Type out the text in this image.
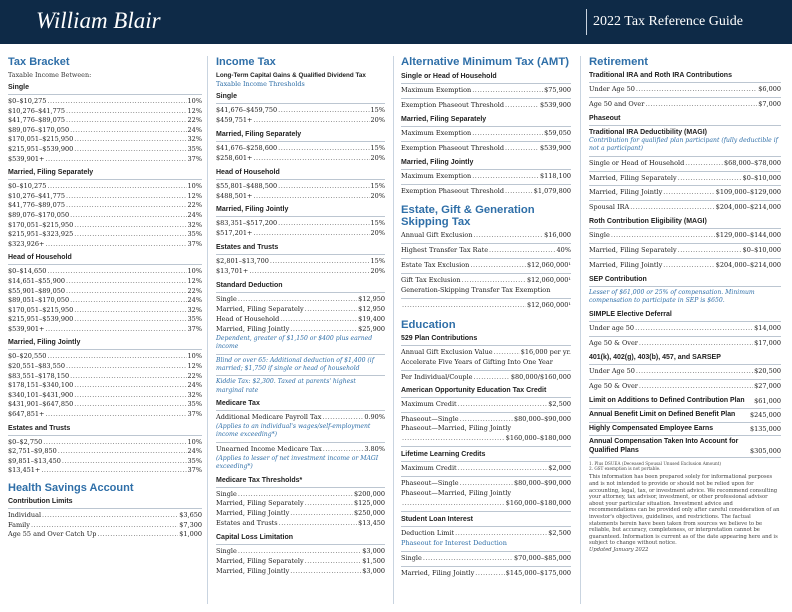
William Blair	2022 Tax Reference Guide
Tax Bracket
Taxable Income Between:
Single
$0–$10,275 .....	10%
$10,276–$41,775 .....	12%
$41,776–$89,075 .....	22%
$89,076–$170,050 .....	24%
$170,051–$215,950 .....	32%
$215,951–$539,900 .....	35%
$539,901+ .....	37%
Married, Filing Separately
$0–$10,275 .....	10%
$10,276–$41,775 .....	12%
$41,776–$89,075 .....	22%
$89,076–$170,050 .....	24%
$170,051–$215,950 .....	32%
$215,951–$323,925 .....	35%
$323,926+ .....	37%
Head of Household
$0–$14,650 .....	10%
$14,651–$55,900 .....	12%
$55,901–$89,050 .....	22%
$89,051–$170,050 .....	24%
$170,051–$215,950 .....	32%
$215,951–$539,900 .....	35%
$539,901+ .....	37%
Married, Filing Jointly
$0–$20,550 .....	10%
$20,551–$83,550 .....	12%
$83,551–$178,150 .....	22%
$178,151–$340,100 .....	24%
$340,101–$431,900 .....	32%
$431,901–$647,850 .....	35%
$647,851+ .....	37%
Estates and Trusts
$0–$2,750 .....	10%
$2,751–$9,850 .....	24%
$9,851–$13,450 .....	35%
$13,451+ .....	37%
Health Savings Account
Contribution Limits
Individual .....	$3,650
Family .....	$7,300
Age 55 and Over Catch Up .....	$1,000
Income Tax
Long-Term Capital Gains & Qualified Dividend Tax
Taxable Income Thresholds
Single
$41,676–$459,750 .....	15%
$459,751+ .....	20%
Married, Filing Separately
$41,676–$258,600 .....	15%
$258,601+ .....	20%
Head of Household
$55,801–$488,500 .....	15%
$488,501+ .....	20%
Married, Filing Jointly
$83,351–$517,200 .....	15%
$517,201+ .....	20%
Estates and Trusts
$2,801–$13,700 .....	15%
$13,701+ .....	20%
Standard Deduction
Single .....	$12,950
Married, Filing Separately .....	$12,950
Head of Household .....	$19,400
Married, Filing Jointly .....	$25,900
Dependent, greater of $1,150 or $400 plus earned income
Blind or over 65: Additional deduction of $1,400 (if married; $1,750 if single or head of household
Kiddie Tax: $2,300. Taxed at parents' highest marginal rate
Medicare Tax
Additional Medicare Payroll Tax .....	0.90%
(Applies to an individual's wages/self-employment income exceeding*)
Unearned Income Medicare Tax .....	3.80%
(Applies to lesser of net investment income or MAGI exceeding*)
Medicare Tax Thresholds*
Single .....	$200,000
Married, Filing Separately .....	$125,000
Married, Filing Jointly .....	$250,000
Estates and Trusts .....	$13,450
Capital Loss Limitation
Single .....	$3,000
Married, Filing Separately .....	$1,500
Married, Filing Jointly .....	$3,000
Alternative Minimum Tax (AMT)
Single or Head of Household
Maximum Exemption .....	$75,900
Exemption Phaseout Threshold .....	$539,900
Married, Filing Separately
Maximum Exemption .....	$59,050
Exemption Phaseout Threshold .....	$539,900
Married, Filing Jointly
Maximum Exemption .....	$118,100
Exemption Phaseout Threshold .....	$1,079,800
Estate, Gift & Generation Skipping Tax
Annual Gift Exclusion .....	$16,000
Highest Transfer Tax Rate .....	40%
Estate Tax Exclusion .....	$12,060,000¹
Gift Tax Exclusion .....	$12,060,000¹
Generation-Skipping Transfer Tax Exemption
.....
$12,060,000¹
Education
529 Plan Contributions
Annual Gift Exclusion Value .....	$16,000 per yr.
Accelerate Five Years of Gifting Into One Year
Per Individual/Couple .....	$80,000/$160,000
American Opportunity Education Tax Credit
Maximum Credit .....	$2,500
Phaseout—Single .....	$80,000–$90,000
Phaseout—Married, Filing Jointly
.....
$160,000–$180,000
Lifetime Learning Credits
Maximum Credit .....	$2,000
Phaseout—Single .....	$80,000–$90,000
Phaseout—Married, Filing Jointly
.....
$160,000–$180,000
Student Loan Interest
Deduction Limit .....	$2,500
Phaseout for Interest Deduction
Single .....	$70,000–$85,000
Married, Filing Jointly .....	$145,000–$175,000
Retirement
Traditional IRA and Roth IRA Contributions
Under Age 50 .....	$6,000
Age 50 and Over .....	$7,000
Phaseout
Traditional IRA Deductibility (MAGI)
Contribution for qualified plan participant (fully deductible if not a participant)
Single or Head of Household .....	$68,000–$78,000
Married, Filing Separately .....	$0–$10,000
Married, Filing Jointly .....	$109,000–$129,000
Spousal IRA .....	$204,000–$214,000
Roth Contribution Eligibility (MAGI)
Single .....	$129,000–$144,000
Married, Filing Separately .....	$0–$10,000
Married, Filing Jointly .....	$204,000–$214,000
SEP Contribution
Lesser of $61,000 or 25% of compensation. Minimum compensation to participate in SEP is $650.
SIMPLE Elective Deferral
Under age 50 .....	$14,000
Age 50 & Over .....	$17,000
401(k), 402(g), 403(b), 457, and SARSEP
Under Age 50 .....	$20,500
Age 50 & Over .....	$27,000
Limit on Additions to Defined Contribution Plan	$61,000
Annual Benefit Limit on Defined Benefit Plan	$245,000
Highly Compensated Employee Earns	$135,000
Annual Compensation Taken Into Account for Qualified Plans	$305,000
1. Plus DSUEA (Deceased Spousal Unused Exclusion Amount)
2. GST exemption is not portable.
This information has been prepared solely for informational purposes and is not intended to provide or should not be relied upon for accounting, legal, tax, or investment advice. We recommend consulting your attorney, tax advisor, investment, or other professional advisor about your particular situation. Investment advice and recommendations can be provided only after careful consideration of an investor's objectives, guidelines, and restrictions. The factual statements herein have been taken from sources we believe to be reliable, but accuracy, completeness, or interpretation cannot be guaranteed. Information is current as of the date appearing here and is subject to change without notice.
Updated January 2022
